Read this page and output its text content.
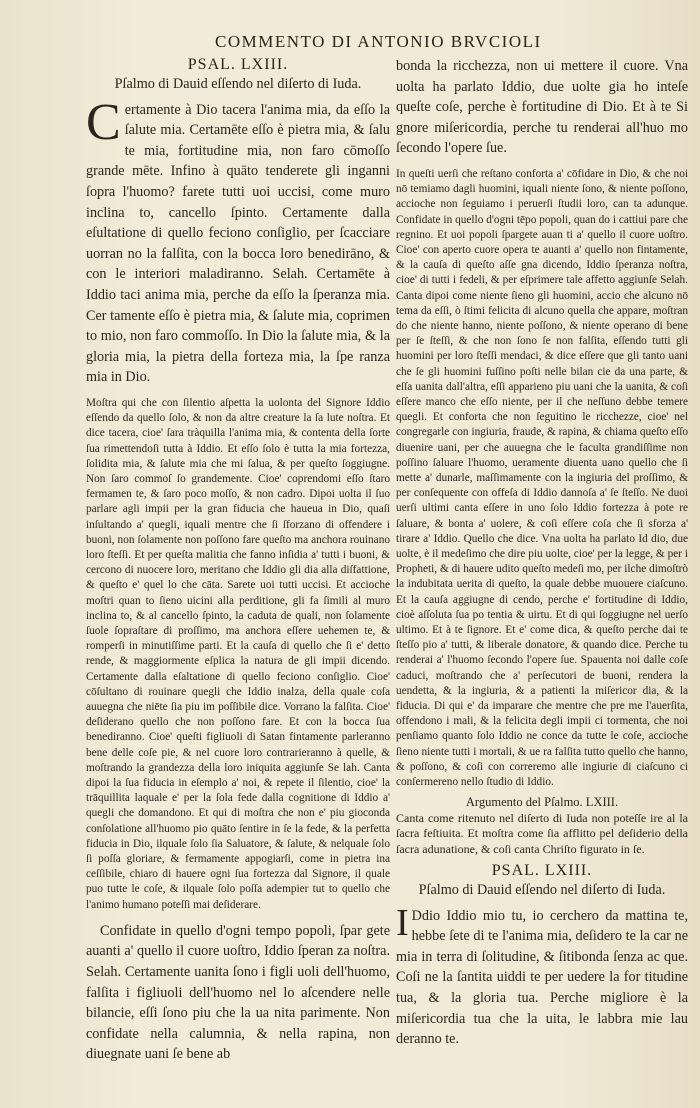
COMMENTO DI ANTONIO BRVCIOLI

PSAL. LXIII.

Pſalmo di Dauid eſſendo nel diſerto di Iuda.

C ertamente à Dio tacera l'anima mia, da eſſo la ſalute mia. Certamēte eſſo è pietra mia, & ſalu te mia, fortitudine mia, non faro cōmoſſo grande mēte. Infino à quāto tenderete gli inganni ſopra l'huomo? farete tutti uoi uccisi, come muro inclina to, cancello ſpinto. Certamente dalla eſultatione di quello feciono conſiglio, per ſcacciare uorran no la falſita, con la bocca loro benedirāno, & con le interiori maladiranno. Selah. Certamēte à Iddio taci anima mia, perche da eſſo la ſperanza mia. Cer tamente eſſo è pietra mia, & ſalute mia, coprimen to mio, non faro commoſſo. In Dio la ſalute mia, & la gloria mia, la pietra della forteza mia, la ſpe ranza mia in Dio.

Moſtra qui che con ſilentio aſpetta la uolonta del Signore Iddio eſſendo da quello ſolo, & non da altre creature la ſa lute noſtra. Et dice tacera, cioe' ſara tràquilla l'anima mia, & contenta della ſorte ſua rimettendoſi tutta à Iddio. Et eſſo ſolo è tutta la mia fortezza, ſolidita mia, & ſalute mia che mi ſalua, & per queſto ſoggiugne. Non ſaro commoſ ſo grandemente. Cioe' coprendomi eſſo ſtaro fermamen te, & ſaro poco moſſo, & non cadro. Dipoi uolta il ſuo parlare agli impii per la gran fiducia che haueua in Dio, quaſi inſultando a' quegli, iquali mentre che ſi ſforzano di offendere i buoni, non ſolamente non poſſono fare queſto ma anchora rouinano loro ſteſſi. Et per queſta malitia che fanno inſidia a' tutti i buoni, & cercono di nuocere loro, meritano che Iddio gli dia alla diſfattione, & queſto e' quel lo che cāta. Sarete uoi tutti uccisi. Et accioche moſtri quan to ſieno uicini alla perditione, gli fa ſimili al muro inclina to, & al cancello ſpinto, la caduta de quali, non ſolamente ſuole ſopraſtare di proſſimo, ma anchora eſſere uehemen te, & romperſi in minutiſſime parti. Et la cauſa di quello che ſi e' detto rende, & maggiormente eſplica la natura de gli impii dicendo. Certamente dalla eſaltatione di quello feciono conſiglio. Cioe' cōſultano di rouinare quegli che Iddio inalza, della quale coſa auuegna che niēte ſia piu im poſſibile dice. Vorrano la falſita. Cioe' deſiderano quello che non poſſono fare. Et con la bocca ſua benediranno. Cioe' queſti figliuoli di Satan fintamente parleranno bene delle coſe pie, & nel cuore loro contrarieranno à quelle, & moſtrando la grandezza della loro iniquita aggiunſe Se lah. Canta dipoi la ſua fiducia in eſemplo a' noi, & repete il ſilentio, cioe' la trāquillita laquale e' per la ſola fede dalla cognitione di Iddio a' quegli che domandono. Et qui di moſtra che non e' piu gioconda conſolatione all'huomo pio quāto ſentire in ſe la fede, & la perfetta fiducia in Dio, ilquale ſolo ſia Saluatore, & ſalute, & nelquale ſolo ſi poſſa gloriare, & fermamente appogiarſi, come in pietra ina ceſſibile, chiaro di hauere ogni ſua fortezza dal Signore, il quale puo tutte le coſe, & ilquale ſolo poſſa adempier tut to quello che l'animo humano poteſſi mai deſiderare.

Confidate in quello d'ogni tempo popoli, ſpar gete auanti a' quello il cuore uoſtro, Iddio ſperan za noſtra. Selah. Certamente uanita ſono i figli uoli dell'huomo, falſita i figliuoli dell'huomo nel lo aſcendere nelle bilancie, eſſi ſono piu che la ua nita parimente. Non confidate nella calumnia, & nella rapina, non diuegnate uani ſe bene ab

bonda la ricchezza, non ui mettere il cuore. Vna uolta ha parlato Iddio, due uolte gia ho inteſe queſte coſe, perche è fortitudine di Dio. Et à te Si gnore miſericordia, perche tu renderai all'huo mo ſecondo l'opere ſue.

In queſti uerſi che reſtano conforta a' cōfidare in Dio, & che noi nō temiamo dagli huomini, iquali niente ſono, & niente poſſono, accioche non ſeguiamo i peruerſi ſtudii loro, can ta adunque. Confidate in quello d'ogni tēpo popoli, quan do i cattiui pare che regnino. Et uoi popoli ſpargete auan ti a' quello il cuore uoſtro. Cioe' con aperto cuore opera te auanti a' quello non fintamente, & la cauſa di queſto aſſe gna dicendo, Iddio ſperanza noſtra, cioe' di tutti i fedeli, & per eſprimere tale affetto aggiunſe Selah. Canta dipoi come niente ſieno gli huomini, accio che alcuno nō tema da eſſi, ò ſtimi felicita di alcuno quella che appare, moſtran do che niente hanno, niente poſſono, & niente operano di bene per ſe ſteſſi, & che non ſono ſe non falſita, eſſendo tutti gli huomini per loro ſteſſi mendaci, & dice eſſere que gli tanto uani che ſe gli huomini fuſſino poſti nelle bilan cie da una parte, & eſſa uanita dall'altra, eſſi apparieno piu uani che la uanita, & coſi eſſere manco che eſſo niente, per il che neſſuno debbe temere quegli. Et conforta che non ſeguitino le ricchezze, cioe' nel congregarle con ingiuria, fraude, & rapina, & chiama queſto eſſo diuenire uani, per che auuegna che le faculta grandiſſime non poſſino ſaluare l'huomo, ueramente diuenta uano quello che ſi mette a' dunarle, maſſimamente con la ingiuria del proſſimo, & per conſequente con offeſa di Iddio dannoſa a' ſe ſteſſo. Ne duoi uerſi ultimi canta eſſere in uno ſolo Iddio fortezza à pote re ſaluare, & bonta a' uolere, & coſi eſſere coſa che ſi sforza a' tirare a' Iddio. Quello che dice. Vna uolta ha parlato Id dio, due uolte, è il medeſimo che dire piu uolte, cioe' per la legge, & per i Propheti, & di hauere udito queſto medeſi mo, per ilche dimoſtrò la indubitata uerita di queſto, la quale debbe muouere ciaſcuno. Et la cauſa aggiugne di cendo, perche e' fortitudine di Iddio, cioè aſſoluta ſua po tentia & uirtu. Et di qui ſoggiugne nel uerſo ultimo. Et à te ſignore. Et e' come dica, & queſto perche dai te ſteſſo pio a' tutti, & liberale donatore, & quando dice. Perche tu renderai a' l'huomo ſecondo l'opere ſue. Spauenta noi dalle coſe caduci, moſtrando che a' perſecutori de buoni, rendera la uendetta, & la ingiuria, & a patienti la miſericor dia, & la fiducia. Di qui e' da imparare che mentre che pre me l'auerſita, offendono i mali, & la felicita degli impii ci tormenta, che noi penſiamo quanto ſolo Iddio ne conce da tutte le coſe, accioche ſieno niente tutti i mortali, & ue ra falſita tutto quello che hanno, & poſſono, & coſi con correremo alle ingiurie di ciaſcuno ci conſermereno nello ſtudio di Iddio.

Argumento del Pſalmo. LXIII.

Canta come ritenuto nel diſerto di Iuda non poteſſe ire al la ſacra feſtiuita. Et moſtra come ſia afflitto pel deſiderio della ſacra adunatione, & coſi canta Chriſto figurato in ſe.

PSAL. LXIII.

Pſalmo di Dauid eſſendo nel diſerto di Iuda.

I Ddio Iddio mio tu, io cerchero da mattina te, hebbe ſete di te l'anima mia, deſidero te la car ne mia in terra di ſolitudine, & ſitibonda ſenza ac que. Coſi ne la ſantita uiddi te per uedere la for titudine tua, & la gloria tua. Perche migliore è la miſericordia tua che la uita, le labbra mie lau deranno te.
